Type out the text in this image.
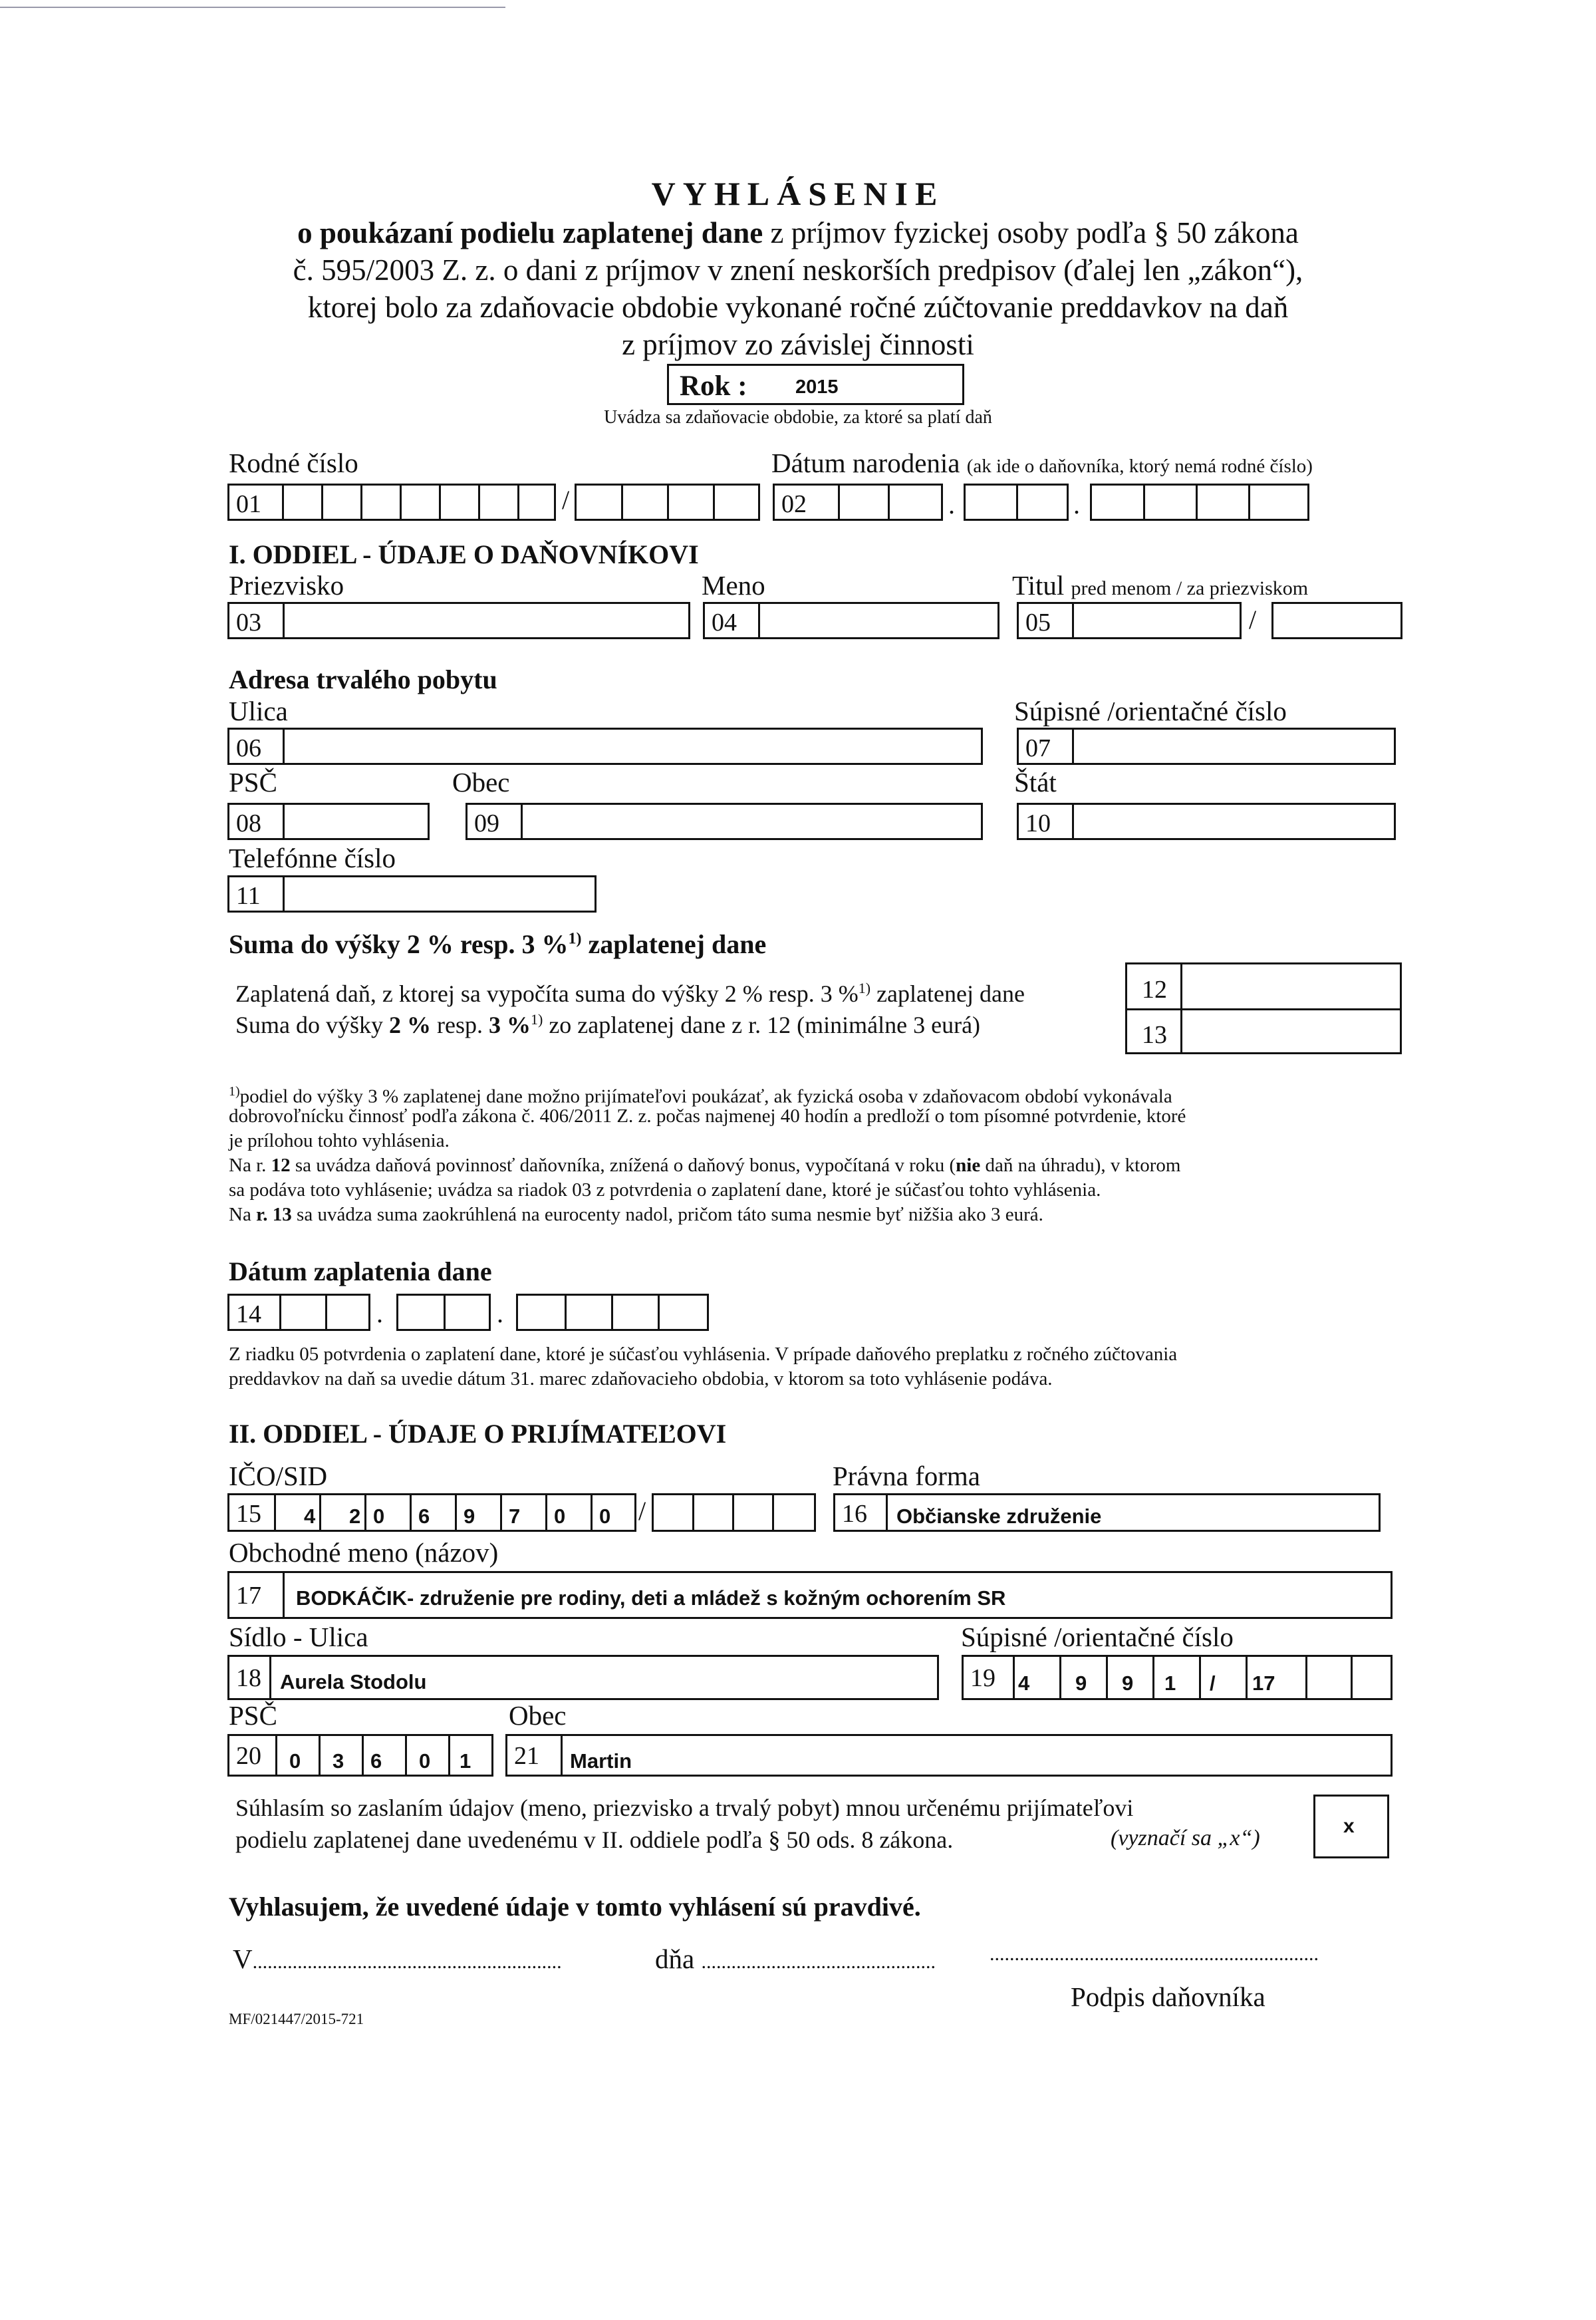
VYHLÁSENIE
o poukázaní podielu zaplatenej dane z príjmov fyzickej osoby podľa § 50 zákona
č. 595/2003 Z. z. o dani z príjmov v znení neskorších predpisov (ďalej len „zákon“),
ktorej bolo za zdaňovacie obdobie vykonané ročné zúčtovanie preddavkov na daň
z príjmov zo závislej činnosti
Rok : 2015
Uvádza sa zdaňovacie obdobie, za ktoré sa platí daň
Rodné číslo	Dátum narodenia (ak ide o daňovníka, ktorý nemá rodné číslo)
01	/	02	.	.
I. ODDIEL - ÚDAJE O DAŇOVNÍKOVI
Priezvisko	Meno	Titul pred menom / za priezviskom
03	04	05	/
Adresa trvalého pobytu
Ulica	Súpisné /orientačné číslo
06	07
PSČ	Obec	Štát
08	09	10
Telefónne číslo
11
Suma do výšky 2 % resp. 3 %$^{1)}$ zaplatenej dane
Zaplatená daň, z ktorej sa vypočíta suma do výšky 2 % resp. 3 %$^{1)}$ zaplatenej dane
Suma do výšky 2 % resp. 3 %$^{1)}$ zo zaplatenej dane z r. 12 (minimálne 3 eurá)
12
13
$^{1)}$podiel do výšky 3 % zaplatenej dane možno prijímateľovi poukázať, ak fyzická osoba v zdaňovacom období vykonávala
dobrovoľnícku činnosť podľa zákona č. 406/2011 Z. z. počas najmenej 40 hodín a predloží o tom písomné potvrdenie, ktoré
je prílohou tohto vyhlásenia.
Na r. 12 sa uvádza daňová povinnosť daňovníka, znížená o daňový bonus, vypočítaná v roku (nie daň na úhradu), v ktorom
sa podáva toto vyhlásenie; uvádza sa riadok 03 z potvrdenia o zaplatení dane, ktoré je súčasťou tohto vyhlásenia.
Na r. 13 sa uvádza suma zaokrúhlená na eurocenty nadol, pričom táto suma nesmie byť nižšia ako 3 eurá.
Dátum zaplatenia dane
14	.	.
Z riadku 05 potvrdenia o zaplatení dane, ktoré je súčasťou vyhlásenia. V prípade daňového preplatku z ročného zúčtovania
preddavkov na daň sa uvedie dátum 31. marec zdaňovacieho obdobia, v ktorom sa toto vyhlásenie podáva.
II. ODDIEL - ÚDAJE O PRIJÍMATEĽOVI
IČO/SID	Právna forma
15 4 2 0 6 9 7 0 0 /	16 Občianske združenie
Obchodné meno (názov)
17 BODKÁČIK- združenie pre rodiny, deti a mládež s kožným ochorením SR
Sídlo - Ulica	Súpisné /orientačné číslo
18 Aurela Stodolu	19 4 9 9 1 / 17
PSČ	Obec
20 0 3 6 0 1 21 Martin
Súhlasím so zaslaním údajov (meno, priezvisko a trvalý pobyt) mnou určenému prijímateľovi
podielu zaplatenej dane uvedenému v II. oddiele podľa § 50 ods. 8 zákona.	(vyznačí sa „x“)	x
Vyhlasujem, že uvedené údaje v tomto vyhlásení sú pravdivé.
V..............................................................	dňa ...............................................	..................................................................
Podpis daňovníka
MF/021447/2015-721
